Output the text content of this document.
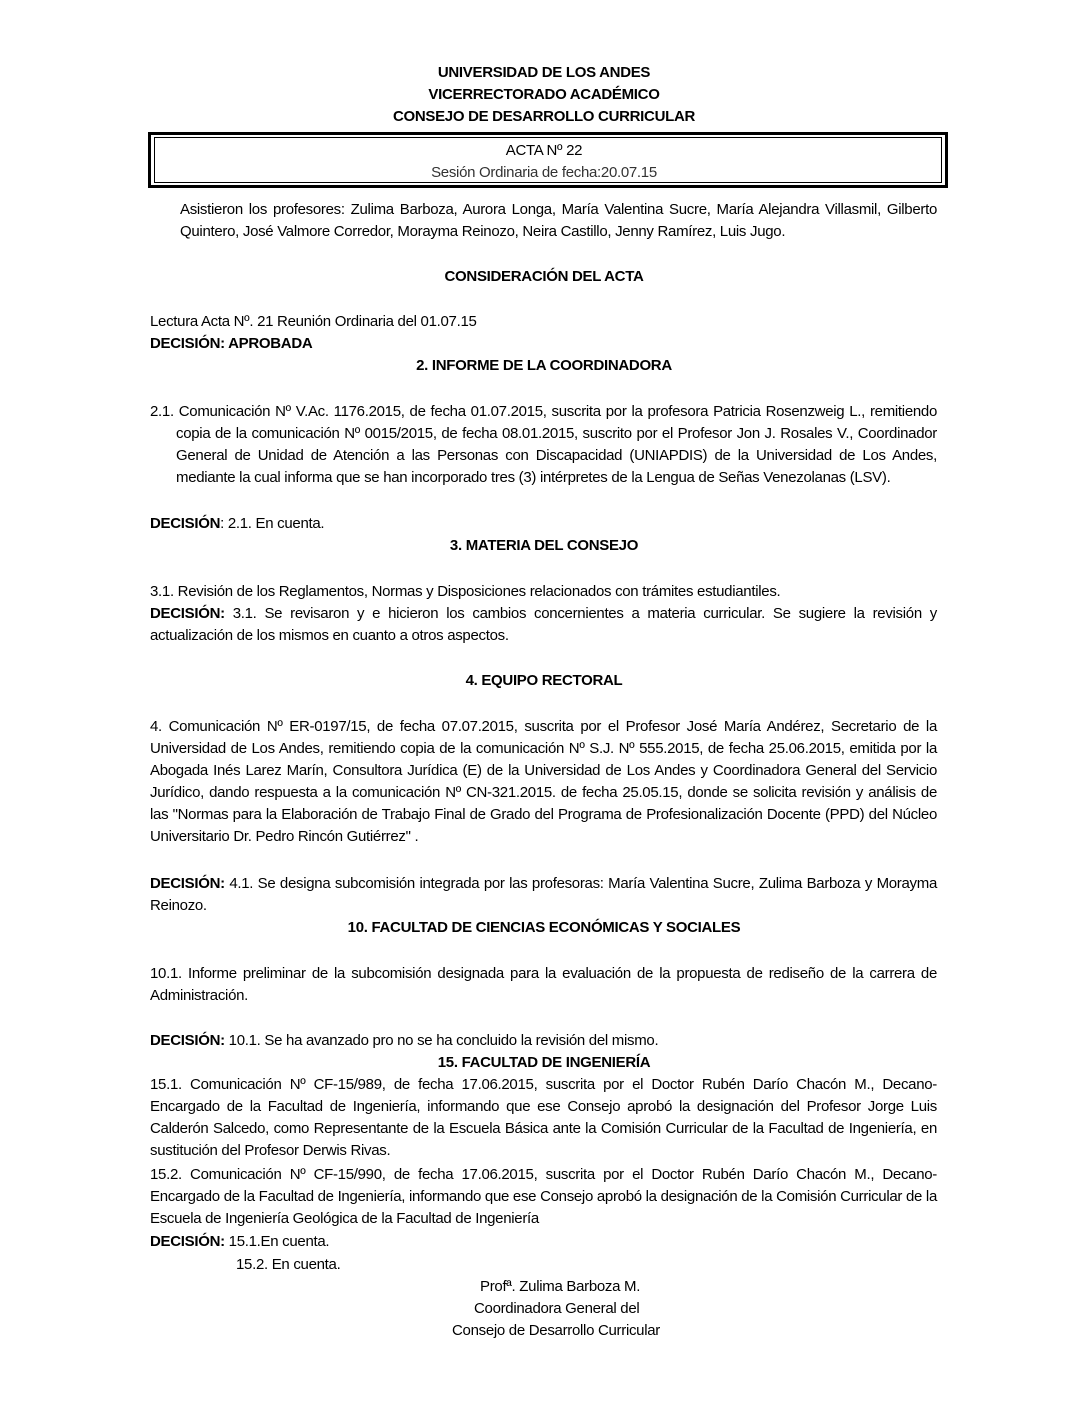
UNIVERSIDAD DE LOS ANDES
VICERRECTORADO ACADÉMICO
CONSEJO DE DESARROLLO CURRICULAR
ACTA Nº 22
Sesión Ordinaria de fecha:20.07.15
Asistieron los profesores: Zulima Barboza, Aurora Longa, María Valentina Sucre, María Alejandra Villasmil, Gilberto Quintero, José Valmore Corredor, Morayma Reinozo, Neira Castillo, Jenny Ramírez, Luis Jugo.
CONSIDERACIÓN DEL ACTA
Lectura Acta Nº. 21 Reunión Ordinaria del 01.07.15
DECISIÓN: APROBADA
2. INFORME DE LA COORDINADORA
2.1. Comunicación Nº V.Ac. 1176.2015, de fecha 01.07.2015, suscrita por la profesora Patricia Rosenzweig L., remitiendo copia de la comunicación Nº 0015/2015, de fecha 08.01.2015, suscrito por el Profesor Jon J. Rosales V., Coordinador General de Unidad de Atención a las Personas con Discapacidad (UNIAPDIS) de la Universidad de Los Andes, mediante la cual informa que se han incorporado tres (3) intérpretes de la Lengua de Señas Venezolanas (LSV).
DECISIÓN: 2.1. En cuenta.
3. MATERIA DEL CONSEJO
3.1. Revisión de los Reglamentos, Normas y Disposiciones relacionados con trámites estudiantiles.
DECISIÓN: 3.1. Se revisaron y e hicieron los cambios concernientes a materia curricular. Se sugiere la revisión y actualización de los mismos en cuanto a otros aspectos.
4. EQUIPO RECTORAL
4. Comunicación Nº ER-0197/15, de fecha 07.07.2015, suscrita por el Profesor José María Andérez, Secretario de la Universidad de Los Andes, remitiendo copia de la comunicación Nº S.J. Nº 555.2015, de fecha 25.06.2015, emitida por la Abogada Inés Larez Marín, Consultora Jurídica (E) de la Universidad de Los Andes y Coordinadora General del Servicio Jurídico, dando respuesta a la comunicación Nº CN-321.2015. de fecha 25.05.15, donde se solicita revisión y análisis de las "Normas para la Elaboración de Trabajo Final de Grado del Programa de Profesionalización Docente (PPD) del Núcleo Universitario Dr. Pedro Rincón Gutiérrez" .
DECISIÓN: 4.1. Se designa subcomisión integrada por las profesoras: María Valentina Sucre, Zulima Barboza y Morayma Reinozo.
10. FACULTAD DE CIENCIAS ECONÓMICAS Y SOCIALES
10.1. Informe preliminar de la subcomisión designada para la evaluación de la propuesta de rediseño de la carrera de Administración.
DECISIÓN: 10.1. Se ha avanzado pro no se ha concluido la revisión del mismo.
15. FACULTAD DE INGENIERÍA
15.1. Comunicación Nº CF-15/989, de fecha 17.06.2015, suscrita por el Doctor Rubén Darío Chacón M., Decano- Encargado de la Facultad de Ingeniería, informando que ese Consejo aprobó la designación del Profesor Jorge Luis Calderón Salcedo, como Representante de la Escuela Básica ante la Comisión Curricular de la Facultad de Ingeniería, en sustitución del Profesor Derwis Rivas.
15.2. Comunicación Nº CF-15/990, de fecha 17.06.2015, suscrita por el Doctor Rubén Darío Chacón M., Decano- Encargado de la Facultad de Ingeniería, informando que ese Consejo aprobó la designación de la Comisión Curricular de la Escuela de Ingeniería Geológica de la Facultad de Ingeniería
DECISIÓN: 15.1.En cuenta.
15.2. En cuenta.
Profª. Zulima Barboza M.
Coordinadora General del
Consejo de Desarrollo Curricular
